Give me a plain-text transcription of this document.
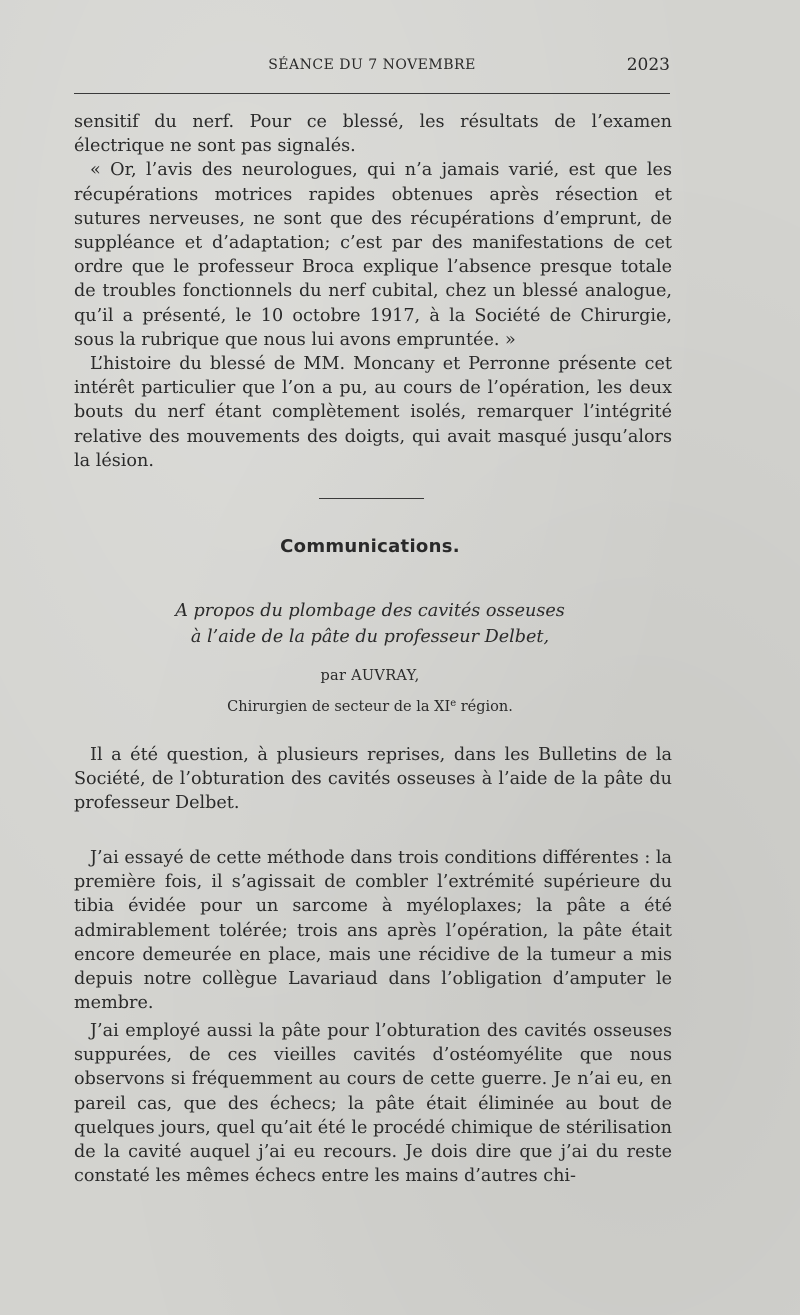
SÉANCE DU 7 NOVEMBRE	2023

sensitif du nerf. Pour ce blessé, les résultats de l’examen électrique ne sont pas signalés.

« Or, l’avis des neurologues, qui n’a jamais varié, est que les récupérations motrices rapides obtenues après résection et sutures nerveuses, ne sont que des récupérations d’emprunt, de suppléance et d’adaptation; c’est par des manifestations de cet ordre que le professeur Broca explique l’absence presque totale de troubles fonctionnels du nerf cubital, chez un blessé analogue, qu’il a présenté, le 10 octobre 1917, à la Société de Chirurgie, sous la rubrique que nous lui avons empruntée. »

L’histoire du blessé de MM. Moncany et Perronne présente cet intérêt particulier que l’on a pu, au cours de l’opération, les deux bouts du nerf étant complètement isolés, remarquer l’intégrité relative des mouvements des doigts, qui avait masqué jusqu’alors la lésion.

Communications.
A propos du plombage des cavités osseuses
à l’aide de la pâte du professeur Delbet,
par AUVRAY,
Chirurgien de secteur de la XIe région.

Il a été question, à plusieurs reprises, dans les Bulletins de la Société, de l’obturation des cavités osseuses à l’aide de la pâte du professeur Delbet.

J’ai essayé de cette méthode dans trois conditions différentes : la première fois, il s’agissait de combler l’extrémité supérieure du tibia évidée pour un sarcome à myéloplaxes; la pâte a été admirablement tolérée; trois ans après l’opération, la pâte était encore demeurée en place, mais une récidive de la tumeur a mis depuis notre collègue Lavariaud dans l’obligation d’amputer le membre.

J’ai employé aussi la pâte pour l’obturation des cavités osseuses suppurées, de ces vieilles cavités d’ostéomyélite que nous observons si fréquemment au cours de cette guerre. Je n’ai eu, en pareil cas, que des échecs; la pâte était éliminée au bout de quelques jours, quel qu’ait été le procédé chimique de stérilisation de la cavité auquel j’ai eu recours. Je dois dire que j’ai du reste constaté les mêmes échecs entre les mains d’autres chi-
